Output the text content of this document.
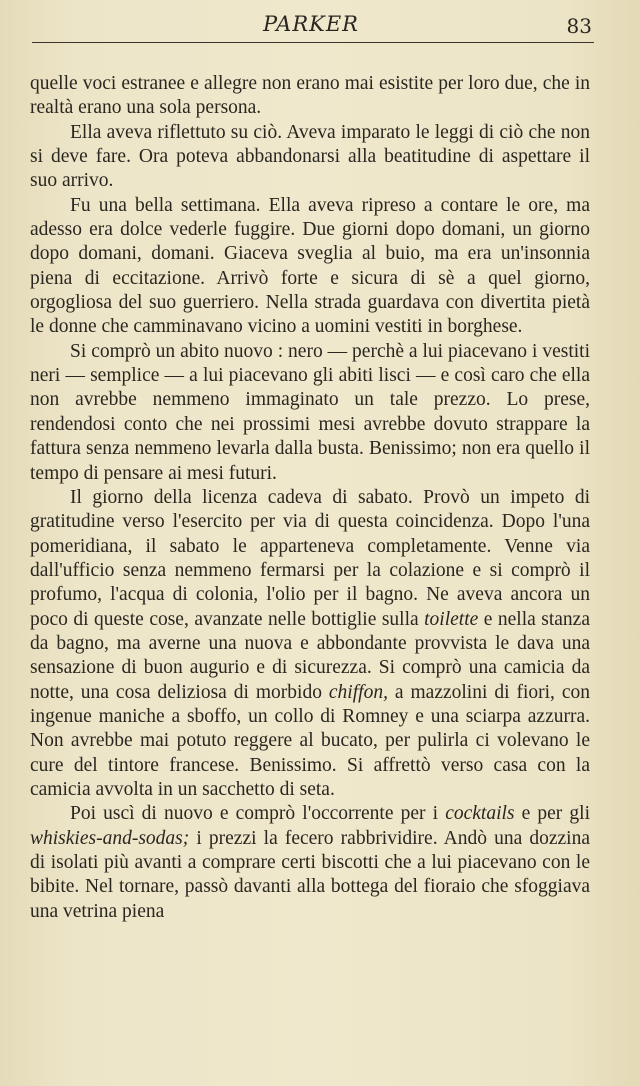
PARKER	83

quelle voci estranee e allegre non erano mai esistite per loro due, che in realtà erano una sola persona.

Ella aveva riflettuto su ciò. Aveva imparato le leggi di ciò che non si deve fare. Ora poteva abbandonarsi alla beatitudine di aspettare il suo arrivo.

Fu una bella settimana. Ella aveva ripreso a contare le ore, ma adesso era dolce vederle fuggire. Due giorni dopo domani, un giorno dopo domani, domani. Giaceva sveglia al buio, ma era un'insonnia piena di eccitazione. Arrivò forte e sicura di sè a quel giorno, orgogliosa del suo guerriero. Nella strada guardava con divertita pietà le donne che camminavano vicino a uomini vestiti in borghese.

Si comprò un abito nuovo : nero — perchè a lui piacevano i vestiti neri — semplice — a lui piacevano gli abiti lisci — e così caro che ella non avrebbe nemmeno immaginato un tale prezzo. Lo prese, rendendosi conto che nei prossimi mesi avrebbe dovuto strappare la fattura senza nemmeno levarla dalla busta. Benissimo; non era quello il tempo di pensare ai mesi futuri.

Il giorno della licenza cadeva di sabato. Provò un impeto di gratitudine verso l'esercito per via di questa coincidenza. Dopo l'una pomeridiana, il sabato le apparteneva completamente. Venne via dall'ufficio senza nemmeno fermarsi per la colazione e si comprò il profumo, l'acqua di colonia, l'olio per il bagno. Ne aveva ancora un poco di queste cose, avanzate nelle bottiglie sulla toilette e nella stanza da bagno, ma averne una nuova e abbondante provvista le dava una sensazione di buon augurio e di sicurezza. Si comprò una camicia da notte, una cosa deliziosa di morbido chiffon, a mazzolini di fiori, con ingenue maniche a sboffo, un collo di Romney e una sciarpa azzurra. Non avrebbe mai potuto reggere al bucato, per pulirla ci volevano le cure del tintore francese. Benissimo. Si affrettò verso casa con la camicia avvolta in un sacchetto di seta.

Poi uscì di nuovo e comprò l'occorrente per i cocktails e per gli whiskies-and-sodas; i prezzi la fecero rabbrividire. Andò una dozzina di isolati più avanti a comprare certi biscotti che a lui piacevano con le bibite. Nel tornare, passò davanti alla bottega del fioraio che sfoggiava una vetrina piena
